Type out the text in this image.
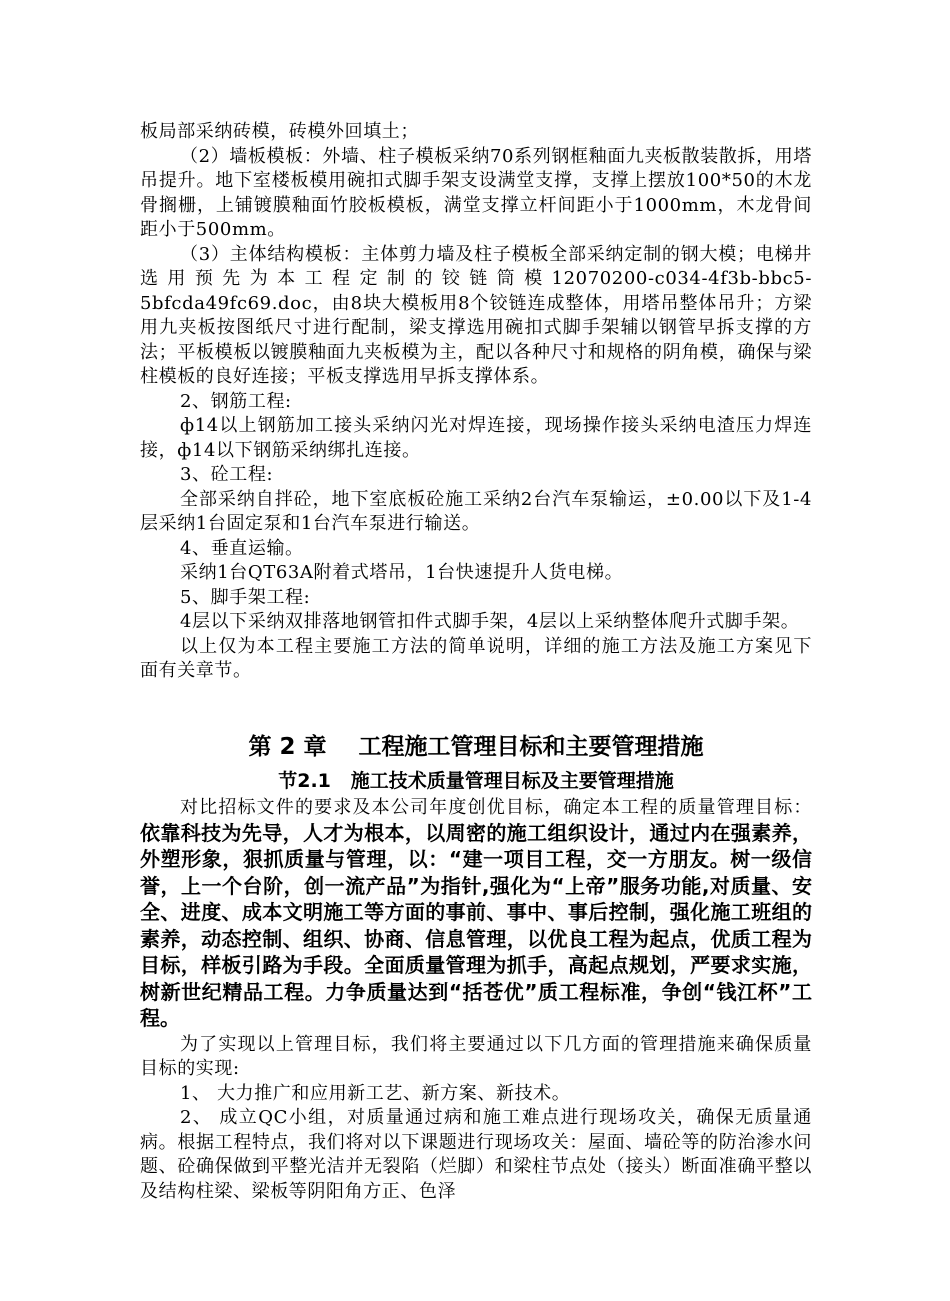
板局部采纳砖模，砖模外回填土；

（2）墙板模板：外墙、柱子模板采纳70系列钢框釉面九夹板散装散拆，用塔吊提升。地下室楼板模用碗扣式脚手架支设满堂支撑，支撑上摆放100*50的木龙骨搁栅，上铺镀膜釉面竹胶板模板，满堂支撑立杆间距小于1000mm，木龙骨间距小于500mm。

（3）主体结构模板：主体剪力墙及柱子模板全部采纳定制的钢大模；电梯井选用预先为本工程定制的铰链筒模12070200-c034-4f3b-bbc5-5bfcda49fc69.doc，由8块大模板用8个铰链连成整体，用塔吊整体吊升；方梁用九夹板按图纸尺寸进行配制，梁支撑选用碗扣式脚手架辅以钢管早拆支撑的方法；平板模板以镀膜釉面九夹板模为主，配以各种尺寸和规格的阴角模，确保与梁柱模板的良好连接；平板支撑选用早拆支撑体系。

2、钢筋工程:

ф14以上钢筋加工接头采纳闪光对焊连接，现场操作接头采纳电渣压力焊连接，ф14以下钢筋采纳绑扎连接。

3、砼工程:

全部采纳自拌砼，地下室底板砼施工采纳2台汽车泵输运，±0.00以下及1-4层采纳1台固定泵和1台汽车泵进行输送。

4、垂直运输。

采纳1台QT63A附着式塔吊，1台快速提升人货电梯。

5、脚手架工程:

4层以下采纳双排落地钢管扣件式脚手架，4层以上采纳整体爬升式脚手架。

以上仅为本工程主要施工方法的简单说明，详细的施工方法及施工方案见下面有关章节。

第 2 章    工程施工管理目标和主要管理措施
节2.1   施工技术质量管理目标及主要管理措施

对比招标文件的要求及本公司年度创优目标，确定本工程的质量管理目标：依靠科技为先导，人才为根本，以周密的施工组织设计，通过内在强素养，外塑形象，狠抓质量与管理，以：“建一项目工程，交一方朋友。树一级信誉，上一个台阶，创一流产品”为指针,强化为“上帝”服务功能,对质量、安全、进度、成本文明施工等方面的事前、事中、事后控制，强化施工班组的素养，动态控制、组织、协商、信息管理，以优良工程为起点，优质工程为目标，样板引路为手段。全面质量管理为抓手，高起点规划，严要求实施，树新世纪精品工程。力争质量达到“括苍优”质工程标准，争创“钱江杯”工程。

为了实现以上管理目标，我们将主要通过以下几方面的管理措施来确保质量目标的实现:

1、 大力推广和应用新工艺、新方案、新技术。

2、 成立QC小组，对质量通过病和施工难点进行现场攻关，确保无质量通病。根据工程特点，我们将对以下课题进行现场攻关：屋面、墙砼等的防治渗水问题、砼确保做到平整光洁并无裂陷（烂脚）和梁柱节点处（接头）断面准确平整以及结构柱梁、梁板等阴阳角方正、色泽
